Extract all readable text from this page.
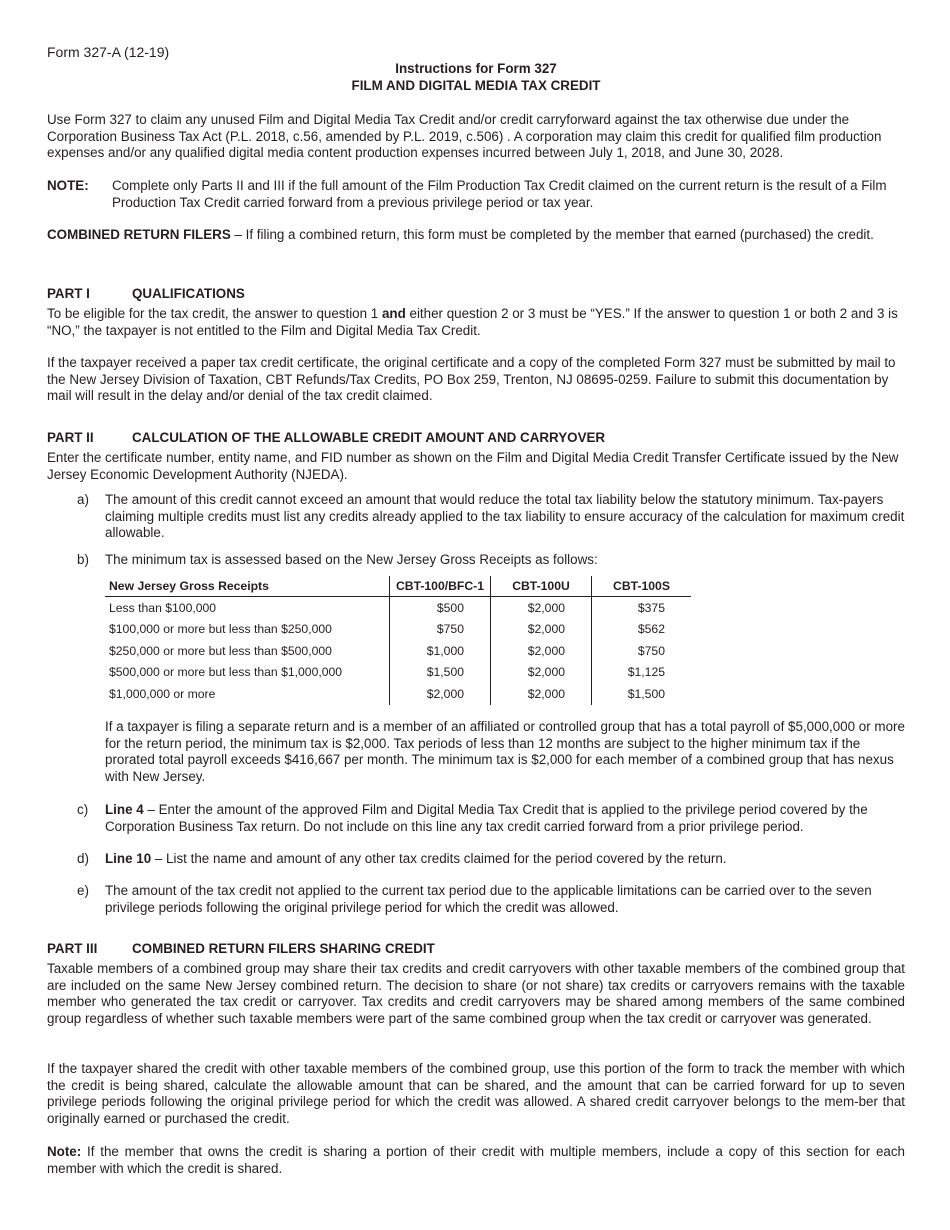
Form 327-A (12-19)
Instructions for Form 327
FILM AND DIGITAL MEDIA TAX CREDIT
Use Form 327 to claim any unused Film and Digital Media Tax Credit and/or credit carryforward against the tax otherwise due under the Corporation Business Tax Act (P.L. 2018, c.56, amended by P.L. 2019, c.506) . A corporation may claim this credit for qualified film production expenses and/or any qualified digital media content production expenses incurred between July 1, 2018, and June 30, 2028.
NOTE:	Complete only Parts II and III if the full amount of the Film Production Tax Credit claimed on the current return is the result of a Film Production Tax Credit carried forward from a previous privilege period or tax year.
COMBINED RETURN FILERS – If filing a combined return, this form must be completed by the member that earned (purchased) the credit.
PART I	QUALIFICATIONS
To be eligible for the tax credit, the answer to question 1 and either question 2 or 3 must be “YES.” If the answer to question 1 or both 2 and 3 is “NO,” the taxpayer is not entitled to the Film and Digital Media Tax Credit.
If the taxpayer received a paper tax credit certificate, the original certificate and a copy of the completed Form 327 must be submitted by mail to the New Jersey Division of Taxation, CBT Refunds/Tax Credits, PO Box 259, Trenton, NJ 08695-0259. Failure to submit this documentation by mail will result in the delay and/or denial of the tax credit claimed.
PART II	CALCULATION OF THE ALLOWABLE CREDIT AMOUNT AND CARRYOVER
Enter the certificate number, entity name, and FID number as shown on the Film and Digital Media Credit Transfer Certificate issued by the New Jersey Economic Development Authority (NJEDA).
a)	The amount of this credit cannot exceed an amount that would reduce the total tax liability below the statutory minimum. Tax-payers claiming multiple credits must list any credits already applied to the tax liability to ensure accuracy of the calculation for maximum credit allowable.
b)	The minimum tax is assessed based on the New Jersey Gross Receipts as follows:
New Jersey Gross Receipts	CBT-100/BFC-1	CBT-100U	CBT-100S
Less than $100,000	$500	$2,000	$375
$100,000 or more but less than $250,000	$750	$2,000	$562
$250,000 or more but less than $500,000	$1,000	$2,000	$750
$500,000 or more but less than $1,000,000	$1,500	$2,000	$1,125
$1,000,000 or more	$2,000	$2,000	$1,500
If a taxpayer is filing a separate return and is a member of an affiliated or controlled group that has a total payroll of $5,000,000 or more for the return period, the minimum tax is $2,000. Tax periods of less than 12 months are subject to the higher minimum tax if the prorated total payroll exceeds $416,667 per month. The minimum tax is $2,000 for each member of a combined group that has nexus with New Jersey.
c)	Line 4 – Enter the amount of the approved Film and Digital Media Tax Credit that is applied to the privilege period covered by the Corporation Business Tax return. Do not include on this line any tax credit carried forward from a prior privilege period.
d)	Line 10 – List the name and amount of any other tax credits claimed for the period covered by the return.
e)	The amount of the tax credit not applied to the current tax period due to the applicable limitations can be carried over to the seven privilege periods following the original privilege period for which the credit was allowed.
PART III	COMBINED RETURN FILERS SHARING CREDIT
Taxable members of a combined group may share their tax credits and credit carryovers with other taxable members of the combined group that are included on the same New Jersey combined return. The decision to share (or not share) tax credits or carryovers remains with the taxable member who generated the tax credit or carryover. Tax credits and credit carryovers may be shared among members of the same combined group regardless of whether such taxable members were part of the same combined group when the tax credit or carryover was generated.
If the taxpayer shared the credit with other taxable members of the combined group, use this portion of the form to track the member with which the credit is being shared, calculate the allowable amount that can be shared, and the amount that can be carried forward for up to seven privilege periods following the original privilege period for which the credit was allowed. A shared credit carryover belongs to the mem-ber that originally earned or purchased the credit.
Note: If the member that owns the credit is sharing a portion of their credit with multiple members, include a copy of this section for each member with which the credit is shared.
